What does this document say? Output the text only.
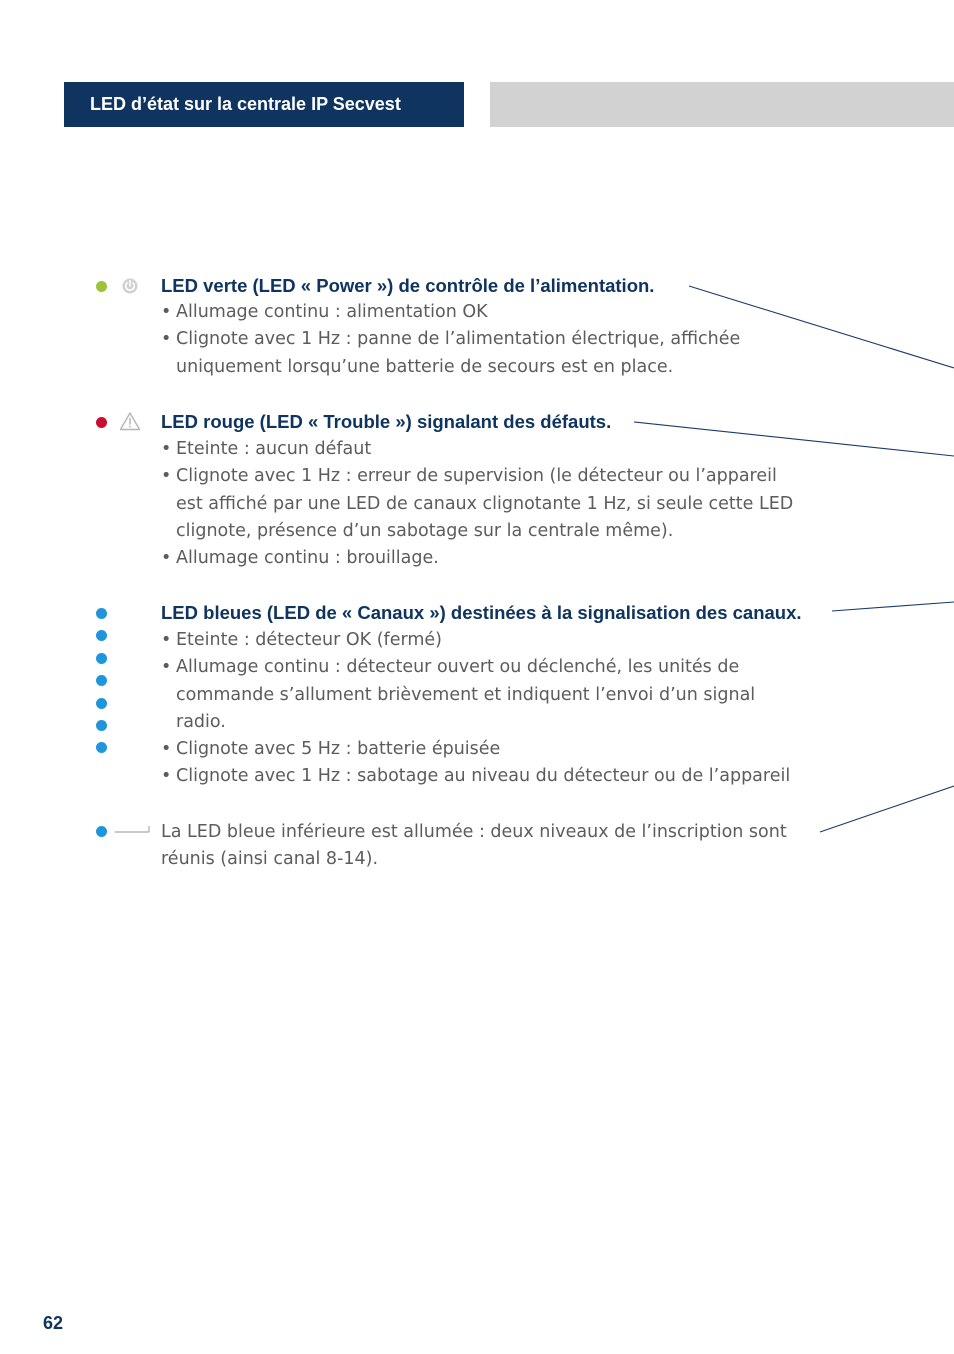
LED d’état sur la centrale IP Secvest
LED verte (LED « Power ») de contrôle de l’alimentation.
• Allumage continu : alimentation OK
• Clignote avec 1 Hz : panne de l’alimentation électrique, affichée
uniquement lorsqu’une batterie de secours est en place.
LED rouge (LED « Trouble ») signalant des défauts.
• Eteinte : aucun défaut
• Clignote avec 1 Hz : erreur de supervision (le détecteur ou l’appareil
est affiché par une LED de canaux clignotante 1 Hz, si seule cette LED
clignote, présence d’un sabotage sur la centrale même).
• Allumage continu : brouillage.
LED bleues (LED de « Canaux ») destinées à la signalisation des canaux.
• Eteinte : détecteur OK (fermé)
• Allumage continu : détecteur ouvert ou déclenché, les unités de
commande s’allument brièvement et indiquent l’envoi d’un signal
radio.
• Clignote avec 5 Hz : batterie épuisée
• Clignote avec 1 Hz : sabotage au niveau du détecteur ou de l’appareil

La LED bleue inférieure est allumée : deux niveaux de l’inscription sont réunis (ainsi canal 8-14).

62
